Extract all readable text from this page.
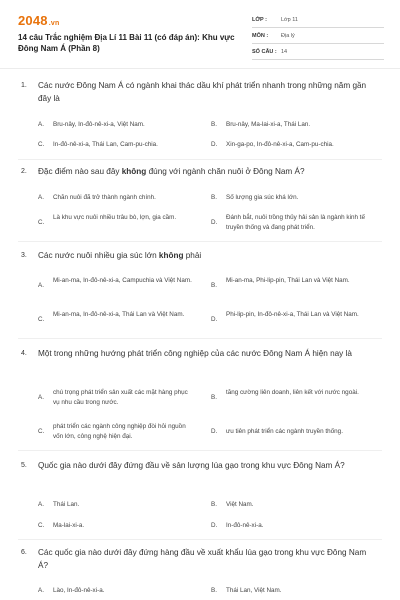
2048.vn
14 câu Trắc nghiệm Địa Lí 11 Bài 11 (có đáp án): Khu vực Đông Nam Á (Phần 8)
LỚP :	Lớp 11
MÔN :	Địa lý
SỐ CÂU : 14
1. Các nước Đông Nam Á có ngành khai thác dầu khí phát triển nhanh trong những năm gần đây là
A.	Bru-nây, In-đô-nê-xi-a, Việt Nam.	B.	Bru-nây, Ma-lai-xi-a, Thái Lan.
C.	In-đô-nê-xi-a, Thái Lan, Cam-pu-chia.	D.	Xin-ga-po, In-đô-nê-xi-a, Cam-pu-chia.
2. Đặc điểm nào sau đây không đúng với ngành chăn nuôi ở Đông Nam Á?
A.	Chăn nuôi đã trở thành ngành chính.	B.	Số lượng gia súc khá lớn.
C.
Là khu vực nuôi nhiều trâu bò, lợn, gia cầm.
D.
Đánh bắt, nuôi trồng thủy hải sản là ngành kinh tế truyền thống và đang phát triển.
3. Các nước nuôi nhiều gia súc lớn không phải
A.
Mi-an-ma, In-đô-nê-xi-a, Campuchia và Việt Nam.
B.
Mi-an-ma, Phi-lip-pin, Thái Lan và Việt Nam.
C.
Mi-an-ma, In-đô-nê-xi-a, Thái Lan và Việt Nam.
D.
Phi-lip-pin, In-đô-nê-xi-a, Thái Lan và Việt Nam.
4. Một trong những hướng phát triển công nghiệp của các nước Đông Nam Á hiện nay là
A.
chú trọng phát triển sản xuất các mặt hàng phục vụ nhu cầu trong nước.
B.
tăng cường liên doanh, liên kết với nước ngoài.
C.
phát triển các ngành công nghiệp đòi hỏi nguồn vốn lớn, công nghệ hiện đại.
D.	ưu tiên phát triển các ngành truyền thống.
5. Quốc gia nào dưới đây đứng đầu về sản lượng lúa gạo trong khu vực Đông Nam Á?
A.	Thái Lan.	B.	Việt Nam.
C.	Ma-lai-xi-a.	D.	In-đô-nê-xi-a.
6. Các quốc gia nào dưới đây đứng hàng đầu về xuất khẩu lúa gạo trong khu vực Đông Nam Á?
A.	Lào, In-đô-nê-xi-a.	B.	Thái Lan, Việt Nam.
